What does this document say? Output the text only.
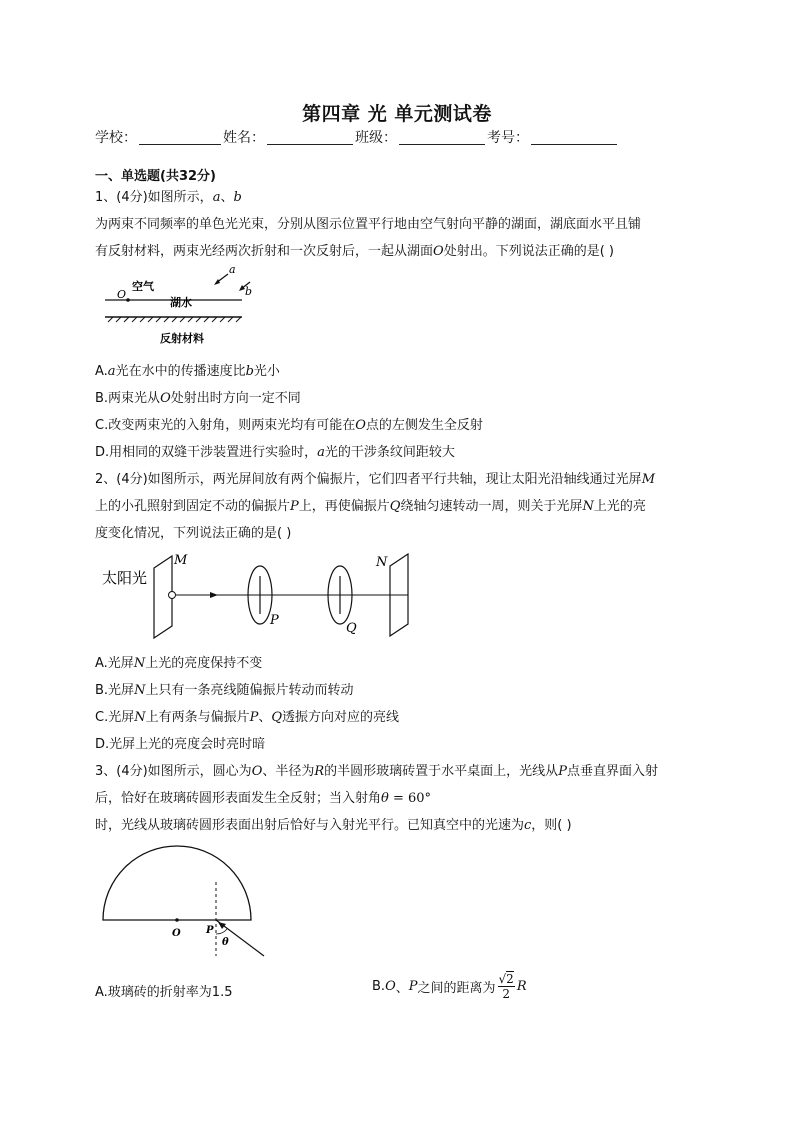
第四章 光 单元测试卷
学校：	姓名：	班级：	考号：
一、单选题(共32分)
1、(4分)如图所示，a、b
为两束不同频率的单色光光束，分别从图示位置平行地由空气射向平静的湖面，湖底面水平且铺
有反射材料，两束光经两次折射和一次反射后，一起从湖面O处射出。下列说法正确的是( )
O
空气
湖水
反射材料
a
b
A.a光在水中的传播速度比b光小
B.两束光从O处射出时方向一定不同
C.改变两束光的入射角，则两束光均有可能在O点的左侧发生全反射
D.用相同的双缝干涉装置进行实验时，a光的干涉条纹间距较大
2、(4分)如图所示，两光屏间放有两个偏振片，它们四者平行共轴，现让太阳光沿轴线通过光屏M
上的小孔照射到固定不动的偏振片P上，再使偏振片Q绕轴匀速转动一周，则关于光屏N上光的亮
度变化情况，下列说法正确的是( )
太阳光
M
P
Q
N
A.光屏N上光的亮度保持不变
B.光屏N上只有一条亮线随偏振片转动而转动
C.光屏N上有两条与偏振片P、Q透振方向对应的亮线
D.光屏上光的亮度会时亮时暗
3、(4分)如图所示，圆心为O、半径为R的半圆形玻璃砖置于水平桌面上，光线从P点垂直界面入射
后，恰好在玻璃砖圆形表面发生全反射；当入射角θ = 60°
时，光线从玻璃砖圆形表面出射后恰好与入射光平行。已知真空中的光速为c，则( )
O	P
θ
A.玻璃砖的折射率为1.5	B. O 、 P 之间的距离为 $\frac{√2}{2}$ R
